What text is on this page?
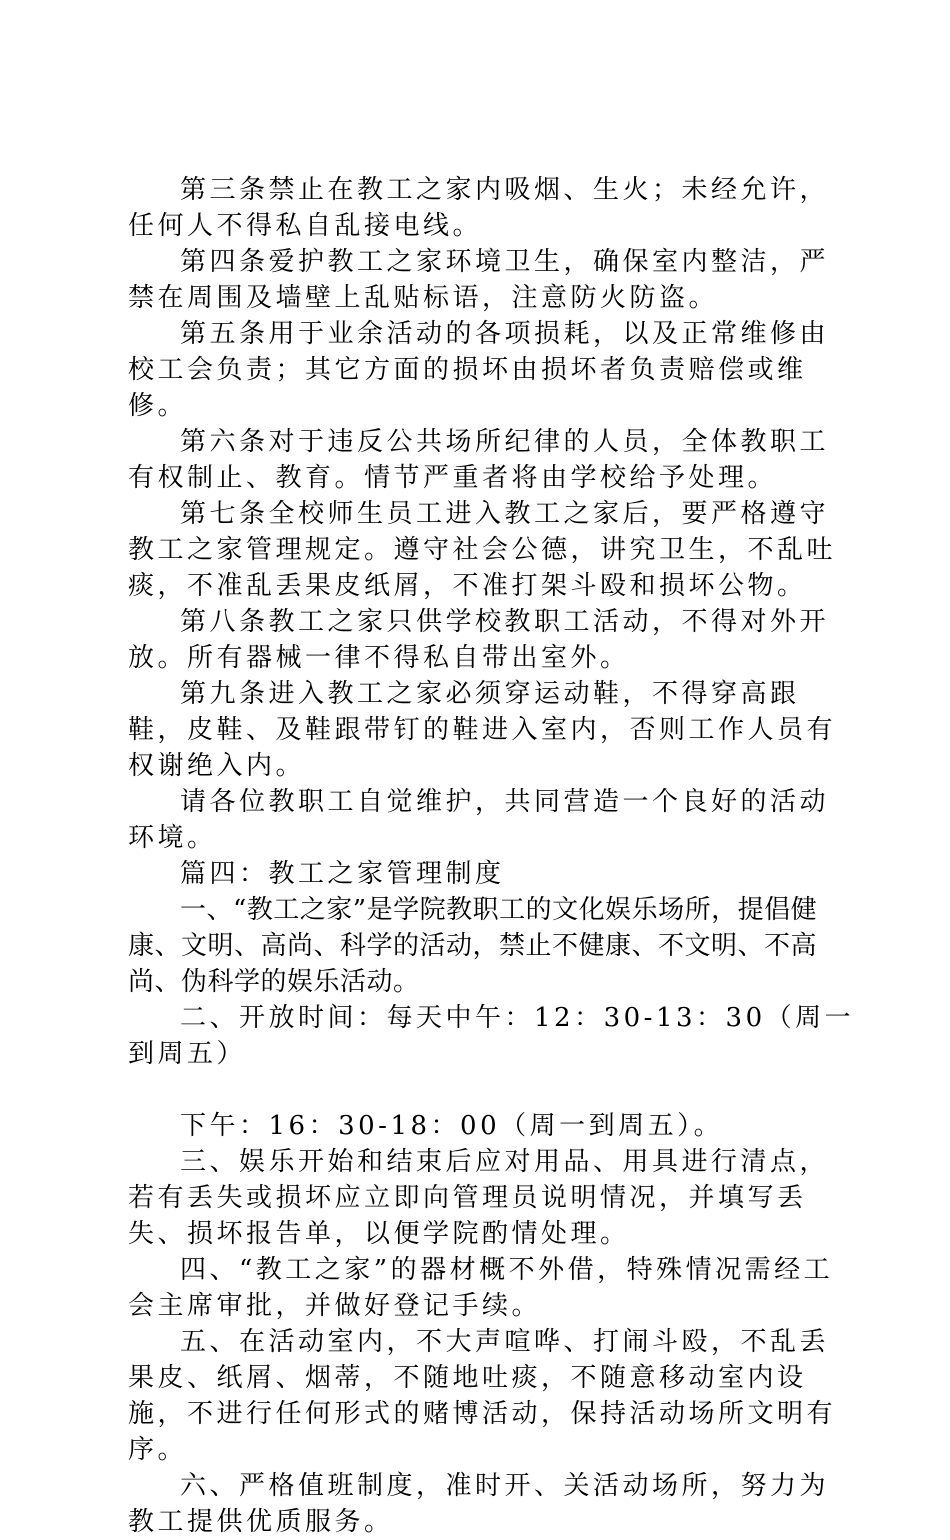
第三条禁止在教工之家内吸烟、生火；未经允许，任何人不得私自乱接电线。

第四条爱护教工之家环境卫生，确保室内整洁，严禁在周围及墙壁上乱贴标语，注意防火防盗。

第五条用于业余活动的各项损耗，以及正常维修由校工会负责；其它方面的损坏由损坏者负责赔偿或维修。

第六条对于违反公共场所纪律的人员，全体教职工有权制止、教育。情节严重者将由学校给予处理。

第七条全校师生员工进入教工之家后，要严格遵守教工之家管理规定。遵守社会公德，讲究卫生，不乱吐痰，不准乱丢果皮纸屑，不准打架斗殴和损坏公物。

第八条教工之家只供学校教职工活动，不得对外开放。所有器械一律不得私自带出室外。

第九条进入教工之家必须穿运动鞋，不得穿高跟鞋，皮鞋、及鞋跟带钉的鞋进入室内，否则工作人员有权谢绝入内。

请各位教职工自觉维护，共同营造一个良好的活动环境。

篇四：教工之家管理制度

一、“教工之家”是学院教职工的文化娱乐场所，提倡健康、文明、高尚、科学的活动，禁止不健康、不文明、不高尚、伪科学的娱乐活动。

二、开放时间：每天中午：12：30-13：30（周一到周五）

下午：16：30-18：00（周一到周五）。

三、娱乐开始和结束后应对用品、用具进行清点，若有丢失或损坏应立即向管理员说明情况，并填写丢失、损坏报告单，以便学院酌情处理。

四、“教工之家”的器材概不外借，特殊情况需经工会主席审批，并做好登记手续。

五、在活动室内，不大声喧哗、打闹斗殴，不乱丢果皮、纸屑、烟蒂，不随地吐痰，不随意移动室内设施，不进行任何形式的赌博活动，保持活动场所文明有序。

六、严格值班制度，准时开、关活动场所，努力为教工提供优质服务。
